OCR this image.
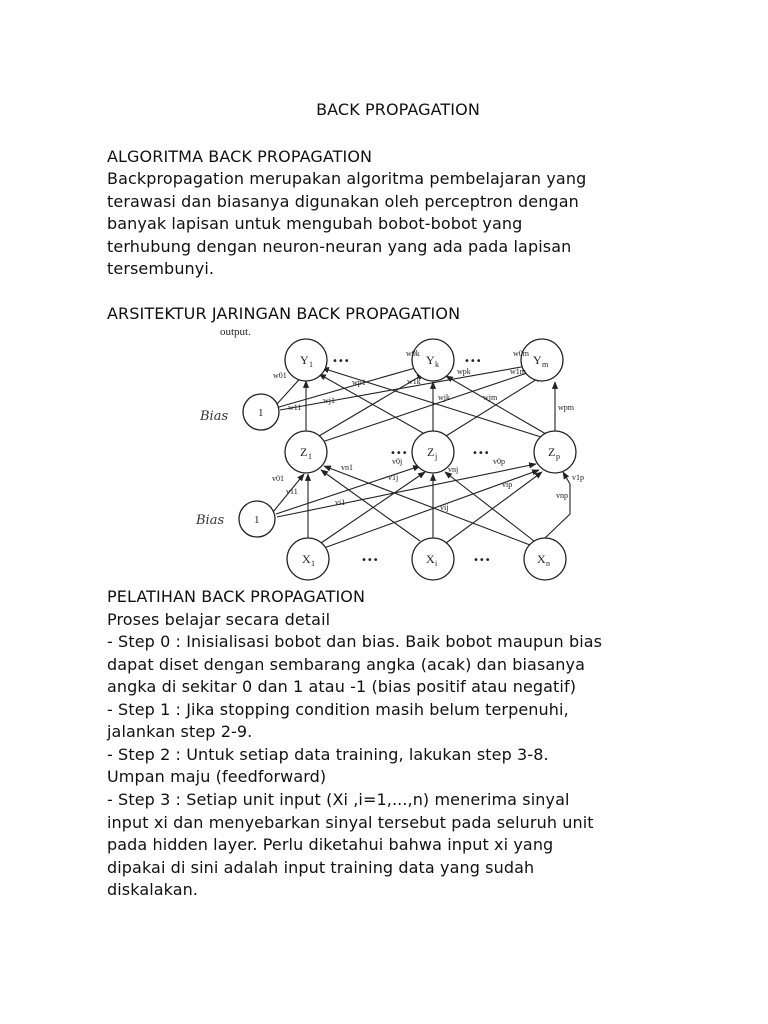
BACK PROPAGATION
ALGORITMA BACK PROPAGATION
Backpropagation merupakan algoritma pembelajaran yang
terawasi dan biasanya digunakan oleh perceptron dengan
banyak lapisan untuk mengubah bobot-bobot yang
terhubung dengan neuron-neuran yang ada pada lapisan
tersembunyi.
ARSITEKTUR JARINGAN BACK PROPAGATION
output.
Y 1	Y k	Y m
•••	•••
w01
w0k	w0m
wp1	w1k
wpk	w1m
wj1
w11
wjk	wjm
wpm
Bias	1
Bias	1
Z 1	Z j	Z p
•••	•••
v01
vn1
v0j
vnj
v0p
v11
v1j
vi1
vij
vip
vnp
v1p
X 1	X i	X n
•••	•••
PELATIHAN BACK PROPAGATION
Proses belajar secara detail
- Step 0 : Inisialisasi bobot dan bias. Baik bobot maupun bias
dapat diset dengan sembarang angka (acak) dan biasanya
angka di sekitar 0 dan 1 atau -1 (bias positif atau negatif)
- Step 1 : Jika stopping condition masih belum terpenuhi,
jalankan step 2-9.
- Step 2 : Untuk setiap data training, lakukan step 3-8.
Umpan maju (feedforward)
- Step 3 : Setiap unit input (Xi ,i=1,...,n) menerima sinyal
input xi dan menyebarkan sinyal tersebut pada seluruh unit
pada hidden layer. Perlu diketahui bahwa input xi yang
dipakai di sini adalah input training data yang sudah
diskalakan.
